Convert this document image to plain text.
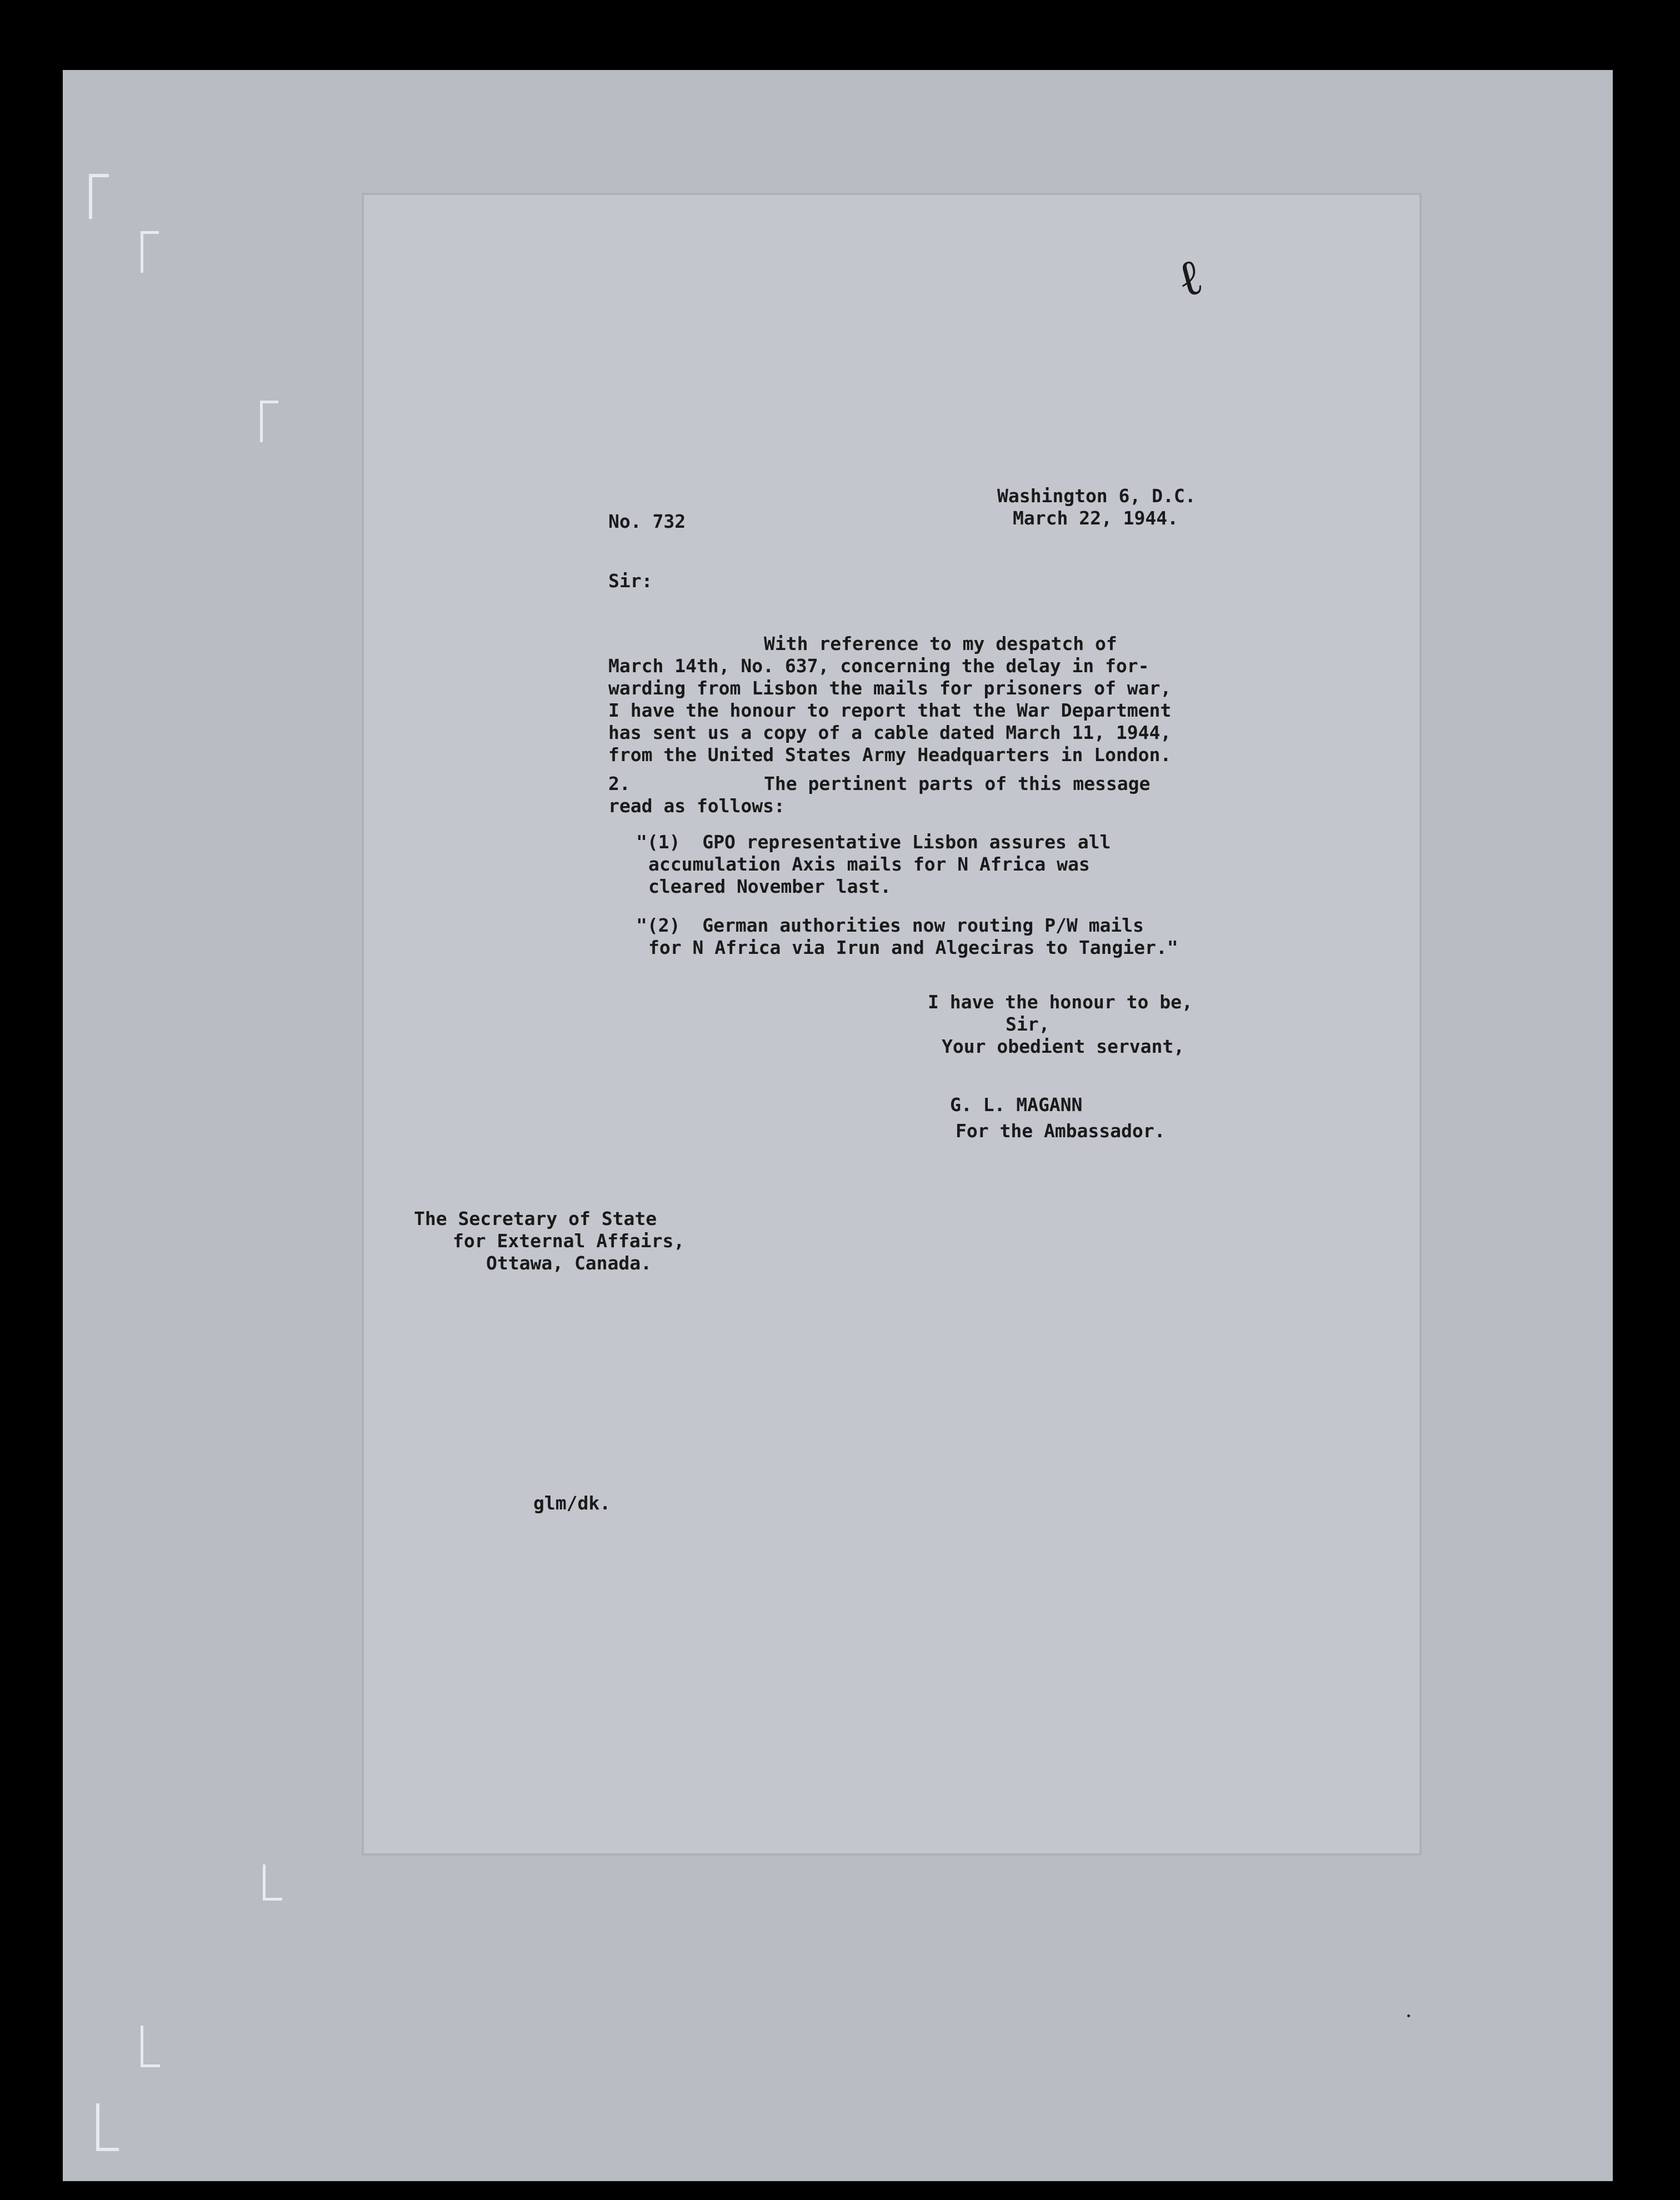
ℓ
Washington 6, D.C.
March 22, 1944.
No. 732
Sir:
With reference to my despatch of
March 14th, No. 637, concerning the delay in for-
warding from Lisbon the mails for prisoners of war,
I have the honour to report that the War Department
has sent us a copy of a cable dated March 11, 1944,
from the United States Army Headquarters in London.
2.	The pertinent parts of this message
read as follows:
"(1)  GPO representative Lisbon assures all
accumulation Axis mails for N Africa was
cleared November last.
"(2)  German authorities now routing P/W mails
for N Africa via Irun and Algeciras to Tangier."
I have the honour to be,
Sir,
Your obedient servant,
G. L. MAGANN
For the Ambassador.
The Secretary of State
for External Affairs,
Ottawa, Canada.
glm/dk.
